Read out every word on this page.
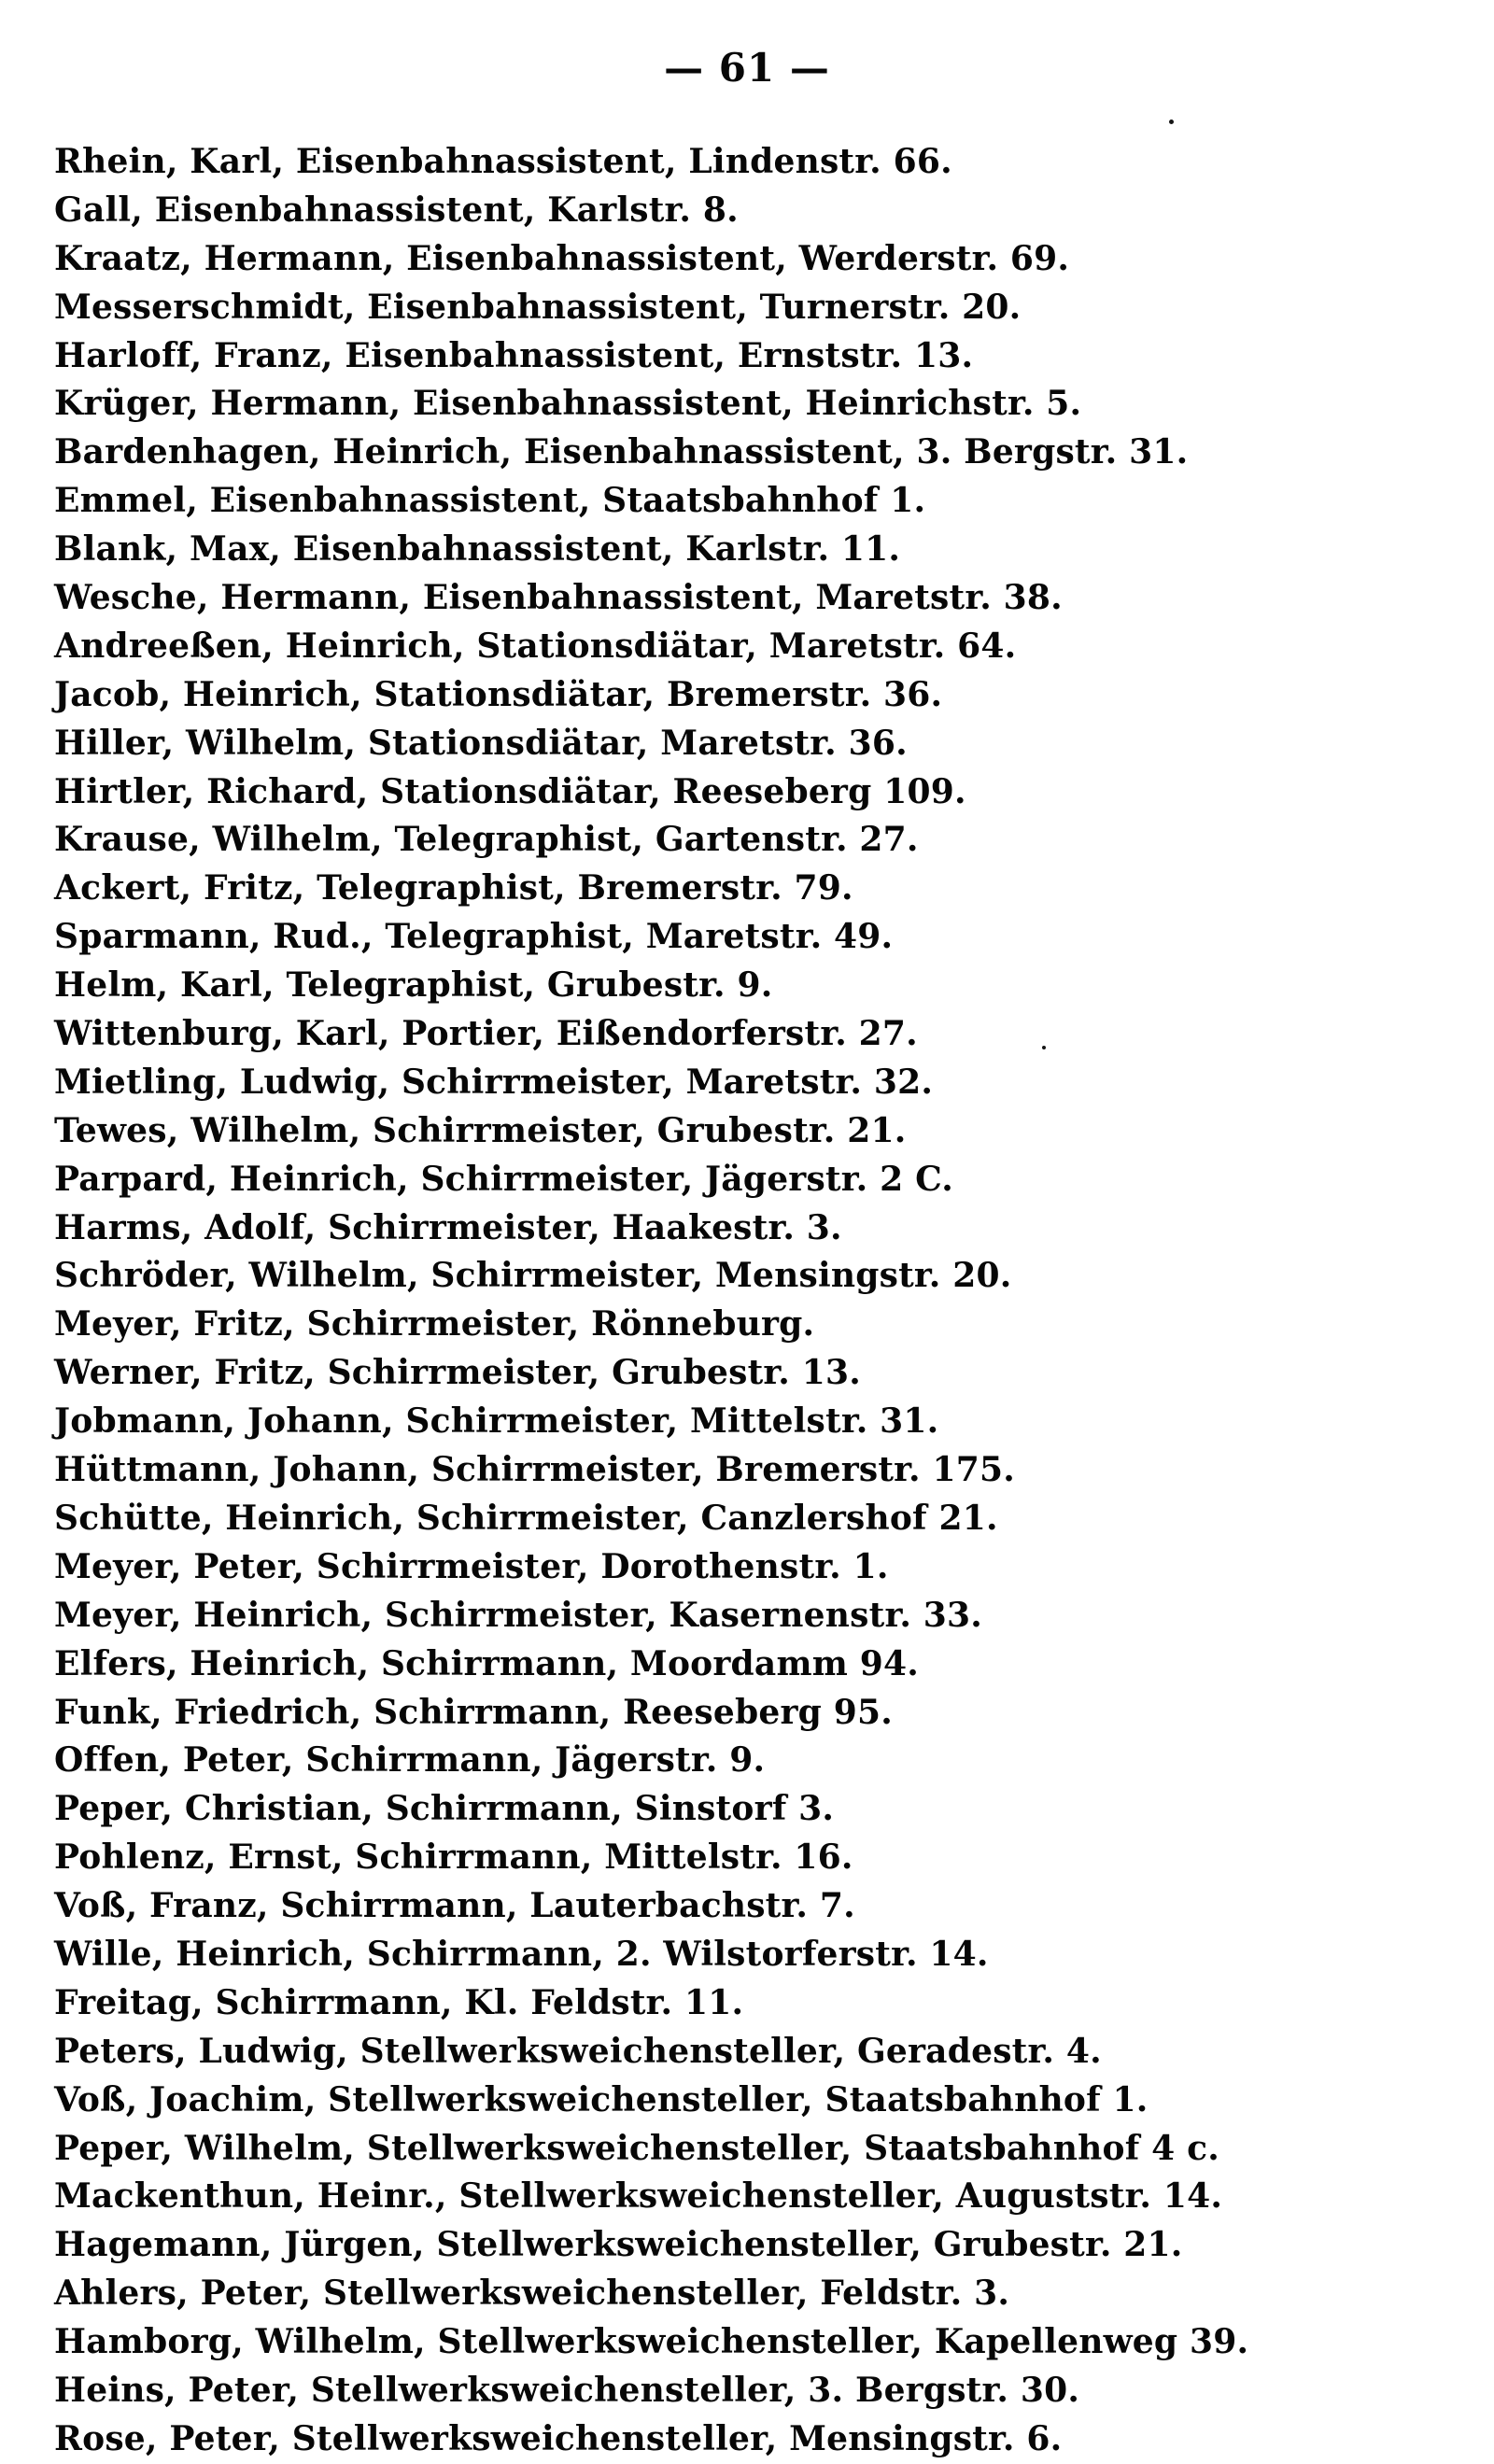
— 61 —
Rhein, Karl, Eisenbahnassistent, Lindenstr. 66.
Gall, Eisenbahnassistent, Karlstr. 8.
Kraatz, Hermann, Eisenbahnassistent, Werderstr. 69.
Messerschmidt, Eisenbahnassistent, Turnerstr. 20.
Harloff, Franz, Eisenbahnassistent, Ernststr. 13.
Krüger, Hermann, Eisenbahnassistent, Heinrichstr. 5.
Bardenhagen, Heinrich, Eisenbahnassistent, 3. Bergstr. 31.
Emmel, Eisenbahnassistent, Staatsbahnhof 1.
Blank, Max, Eisenbahnassistent, Karlstr. 11.
Wesche, Hermann, Eisenbahnassistent, Maretstr. 38.
Andreeßen, Heinrich, Stationsdiätar, Maretstr. 64.
Jacob, Heinrich, Stationsdiätar, Bremerstr. 36.
Hiller, Wilhelm, Stationsdiätar, Maretstr. 36.
Hirtler, Richard, Stationsdiätar, Reeseberg 109.
Krause, Wilhelm, Telegraphist, Gartenstr. 27.
Ackert, Fritz, Telegraphist, Bremerstr. 79.
Sparmann, Rud., Telegraphist, Maretstr. 49.
Helm, Karl, Telegraphist, Grubestr. 9.
Wittenburg, Karl, Portier, Eißendorferstr. 27.
Mietling, Ludwig, Schirrmeister, Maretstr. 32.
Tewes, Wilhelm, Schirrmeister, Grubestr. 21.
Parpard, Heinrich, Schirrmeister, Jägerstr. 2 C.
Harms, Adolf, Schirrmeister, Haakestr. 3.
Schröder, Wilhelm, Schirrmeister, Mensingstr. 20.
Meyer, Fritz, Schirrmeister, Rönneburg.
Werner, Fritz, Schirrmeister, Grubestr. 13.
Jobmann, Johann, Schirrmeister, Mittelstr. 31.
Hüttmann, Johann, Schirrmeister, Bremerstr. 175.
Schütte, Heinrich, Schirrmeister, Canzlershof 21.
Meyer, Peter, Schirrmeister, Dorothenstr. 1.
Meyer, Heinrich, Schirrmeister, Kasernenstr. 33.
Elfers, Heinrich, Schirrmann, Moordamm 94.
Funk, Friedrich, Schirrmann, Reeseberg 95.
Offen, Peter, Schirrmann, Jägerstr. 9.
Peper, Christian, Schirrmann, Sinstorf 3.
Pohlenz, Ernst, Schirrmann, Mittelstr. 16.
Voß, Franz, Schirrmann, Lauterbachstr. 7.
Wille, Heinrich, Schirrmann, 2. Wilstorferstr. 14.
Freitag, Schirrmann, Kl. Feldstr. 11.
Peters, Ludwig, Stellwerksweichensteller, Geradestr. 4.
Voß, Joachim, Stellwerksweichensteller, Staatsbahnhof 1.
Peper, Wilhelm, Stellwerksweichensteller, Staatsbahnhof 4 c.
Mackenthun, Heinr., Stellwerksweichensteller, Auguststr. 14.
Hagemann, Jürgen, Stellwerksweichensteller, Grubestr. 21.
Ahlers, Peter, Stellwerksweichensteller, Feldstr. 3.
Hamborg, Wilhelm, Stellwerksweichensteller, Kapellenweg 39.
Heins, Peter, Stellwerksweichensteller, 3. Bergstr. 30.
Rose, Peter, Stellwerksweichensteller, Mensingstr. 6.
